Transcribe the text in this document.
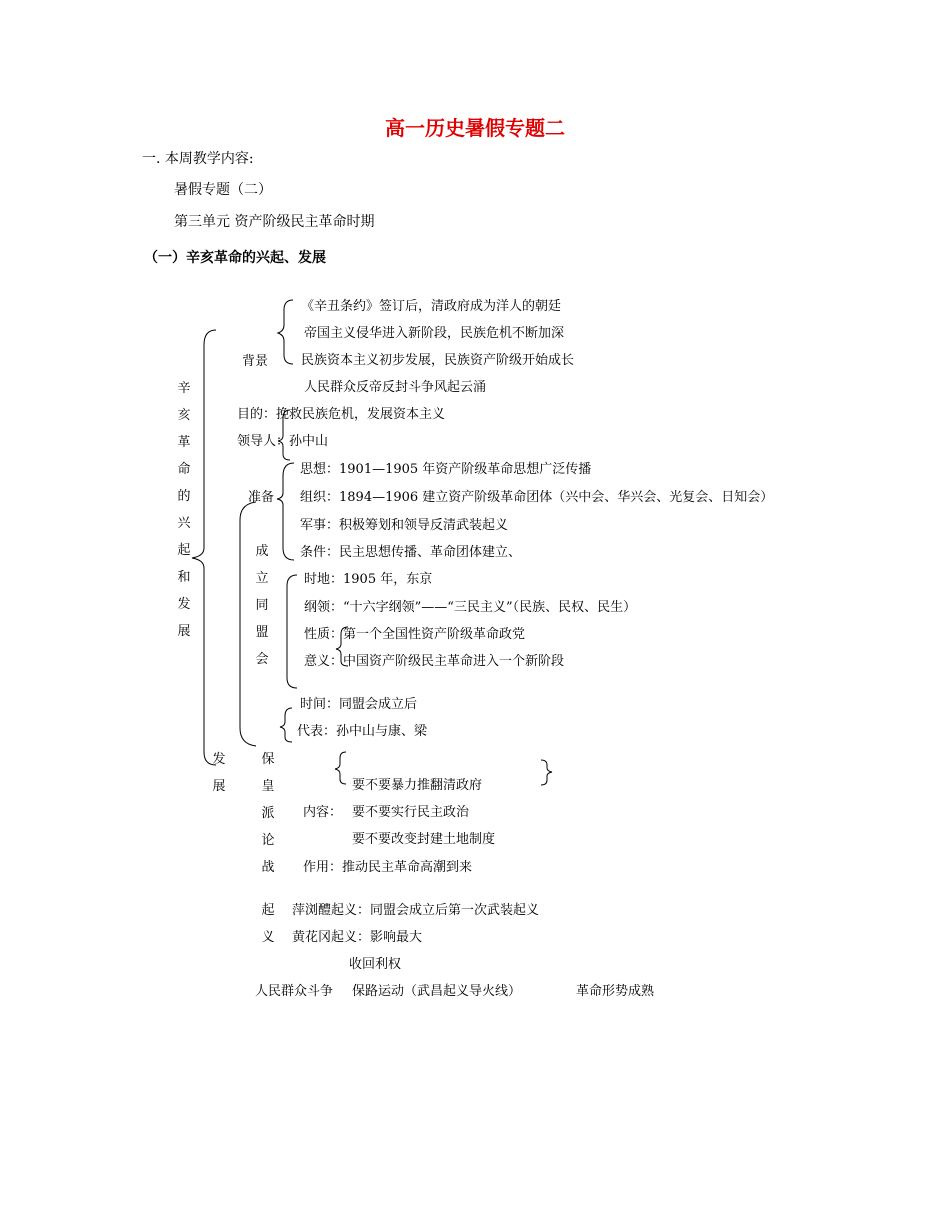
高一历史暑假专题二
一. 本周教学内容:
暑假专题（二）
第三单元 资产阶级民主革命时期
（一）辛亥革命的兴起、发展
辛
亥
革
命
的
兴
起
和
发
展
背景
《辛丑条约》签订后，清政府成为洋人的朝廷
帝国主义侵华进入新阶段，民族危机不断加深
民族资本主义初步发展，民族资产阶级开始成长
人民群众反帝反封斗争风起云涌
目的：挽救民族危机，发展资本主义
领导人：孙中山
准备
思想：1901—1905 年资产阶级革命思想广泛传播
组织：1894—1906 建立资产阶级革命团体（兴中会、华兴会、光复会、日知会）
军事：积极筹划和领导反清武装起义
条件：民主思想传播、革命团体建立、
发
展
成
立
同
盟
会
时地：1905 年，东京
纲领：“十六字纲领”——“三民主义”（民族、民权、民生）
性质：第一个全国性资产阶级革命政党
意义：中国资产阶级民主革命进入一个新阶段
时间：同盟会成立后
代表：孙中山与康、梁
保
皇
派
论
战
要不要暴力推翻清政府
内容： 要不要实行民主政治
要不要改变封建土地制度
作用：推动民主革命高潮到来
起
义
萍浏醴起义：同盟会成立后第一次武装起义
黄花冈起义：影响最大
收回利权
人民群众斗争 保路运动（武昌起义导火线）	革命形势成熟
